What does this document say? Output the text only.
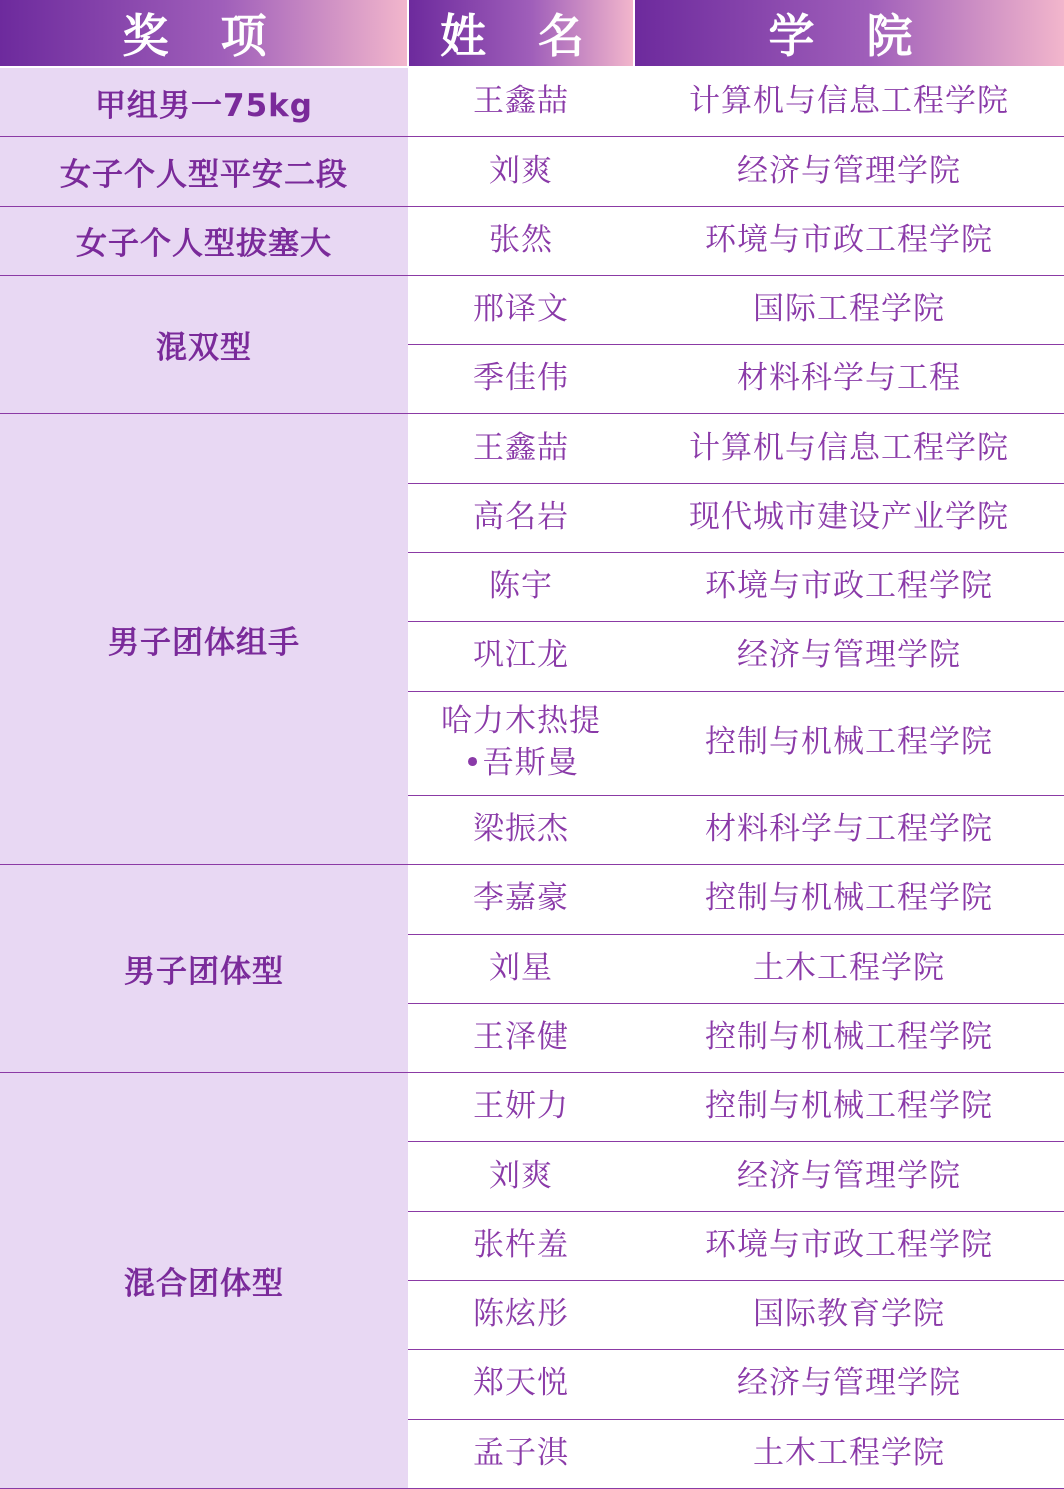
奖 项	姓 名	学 院
甲组男一75kg	王鑫喆	计算机与信息工程学院
女子个人型平安二段	刘爽	经济与管理学院
女子个人型拔塞大	张然	环境与市政工程学院
混双型	邢译文	国际工程学院
	季佳伟	材料科学与工程
男子团体组手	王鑫喆	计算机与信息工程学院
	高名岩	现代城市建设产业学院
	陈宇	环境与市政工程学院
	巩江龙	经济与管理学院
	哈力木热提•吾斯曼	控制与机械工程学院
	梁振杰	材料科学与工程学院
男子团体型	李嘉豪	控制与机械工程学院
	刘星	土木工程学院
	王泽健	控制与机械工程学院
混合团体型	王妍力	控制与机械工程学院
	刘爽	经济与管理学院
	张杵羞	环境与市政工程学院
	陈炫彤	国际教育学院
	郑天悦	经济与管理学院
	孟子淇	土木工程学院
